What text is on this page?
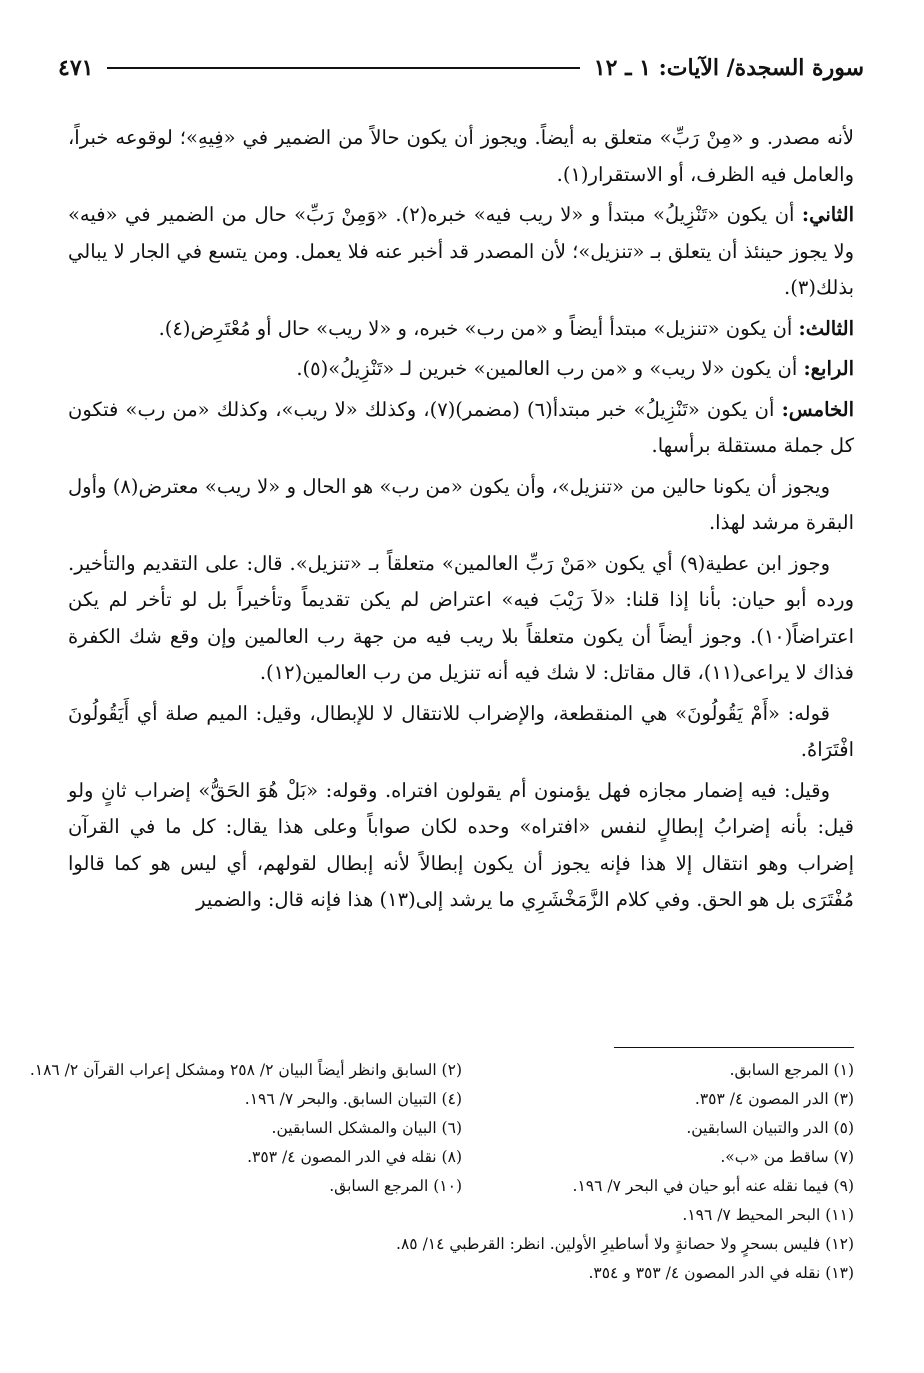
سورة السجدة/ الآيات: ١ ـ ١٢
٤٧١

لأنه مصدر. و «مِنْ رَبِّ» متعلق به أيضاً. ويجوز أن يكون حالاً من الضمير في «فِيهِ»؛ لوقوعه خبراً، والعامل فيه الظرف، أو الاستقرار(١).

الثاني: أن يكون «تَنْزِيلُ» مبتدأ و «لا ريب فيه» خبره(٢). «وَمِنْ رَبِّ» حال من الضمير في «فيه» ولا يجوز حينئذ أن يتعلق بـ «تنزيل»؛ لأن المصدر قد أخبر عنه فلا يعمل. ومن يتسع في الجار لا يبالي بذلك(٣).

الثالث: أن يكون «تنزيل» مبتدأ أيضاً و «من رب» خبره، و «لا ريب» حال أو مُعْتَرِض(٤).

الرابع: أن يكون «لا ريب» و «من رب العالمين» خبرين لـ «تَنْزِيلُ»(٥).

الخامس: أن يكون «تَنْزِيلُ» خبر مبتدأ(٦) (مضمر)(٧)، وكذلك «لا ريب»، وكذلك «من رب» فتكون كل جملة مستقلة برأسها.

ويجوز أن يكونا حالين من «تنزيل»، وأن يكون «من رب» هو الحال و «لا ريب» معترض(٨) وأول البقرة مرشد لهذا.

وجوز ابن عطية(٩) أي يكون «مَنْ رَبِّ العالمين» متعلقاً بـ «تنزيل». قال: على التقديم والتأخير. ورده أبو حيان: بأنا إذا قلنا: «لاَ رَيْبَ فيه» اعتراض لم يكن تقديماً وتأخيراً بل لو تأخر لم يكن اعتراضاً(١٠). وجوز أيضاً أن يكون متعلقاً بلا ريب فيه من جهة رب العالمين وإن وقع شك الكفرة فذاك لا يراعى(١١)، قال مقاتل: لا شك فيه أنه تنزيل من رب العالمين(١٢).

قوله: «أَمْ يَقُولُونَ» هي المنقطعة، والإضراب للانتقال لا للإبطال، وقيل: الميم صلة أي أَيَقُولُونَ افْتَرَاهُ.

وقيل: فيه إضمار مجازه فهل يؤمنون أم يقولون افتراه. وقوله: «بَلْ هُوَ الحَقُّ» إضراب ثانٍ ولو قيل: بأنه إضرابُ إبطالٍ لنفس «افتراه» وحده لكان صواباً وعلى هذا يقال: كل ما في القرآن إضراب وهو انتقال إلا هذا فإنه يجوز أن يكون إبطالاً لأنه إبطال لقولهم، أي ليس هو كما قالوا مُفْتَرَى بل هو الحق. وفي كلام الزَّمَخْشَرِي ما يرشد إلى(١٣) هذا فإنه قال: والضمير

(١) المرجع السابق.
(٢) السابق وانظر أيضاً البيان ٢/ ٢٥٨ ومشكل إعراب القرآن ٢/ ١٨٦.
(٣) الدر المصون ٤/ ٣٥٣.
(٤) التبيان السابق. والبحر ٧/ ١٩٦.
(٥) الدر والتبيان السابقين.
(٦) البيان والمشكل السابقين.
(٧) ساقط من «ب».
(٨) نقله في الدر المصون ٤/ ٣٥٣.
(٩) فيما نقله عنه أبو حيان في البحر ٧/ ١٩٦.
(١٠) المرجع السابق.
(١١) البحر المحيط ٧/ ١٩٦.
(١٢) فليس بسحرٍ ولا حصانةٍ ولا أساطيرِ الأولين. انظر: القرطبي ١٤/ ٨٥.
(١٣) نقله في الدر المصون ٤/ ٣٥٣ و ٣٥٤.
